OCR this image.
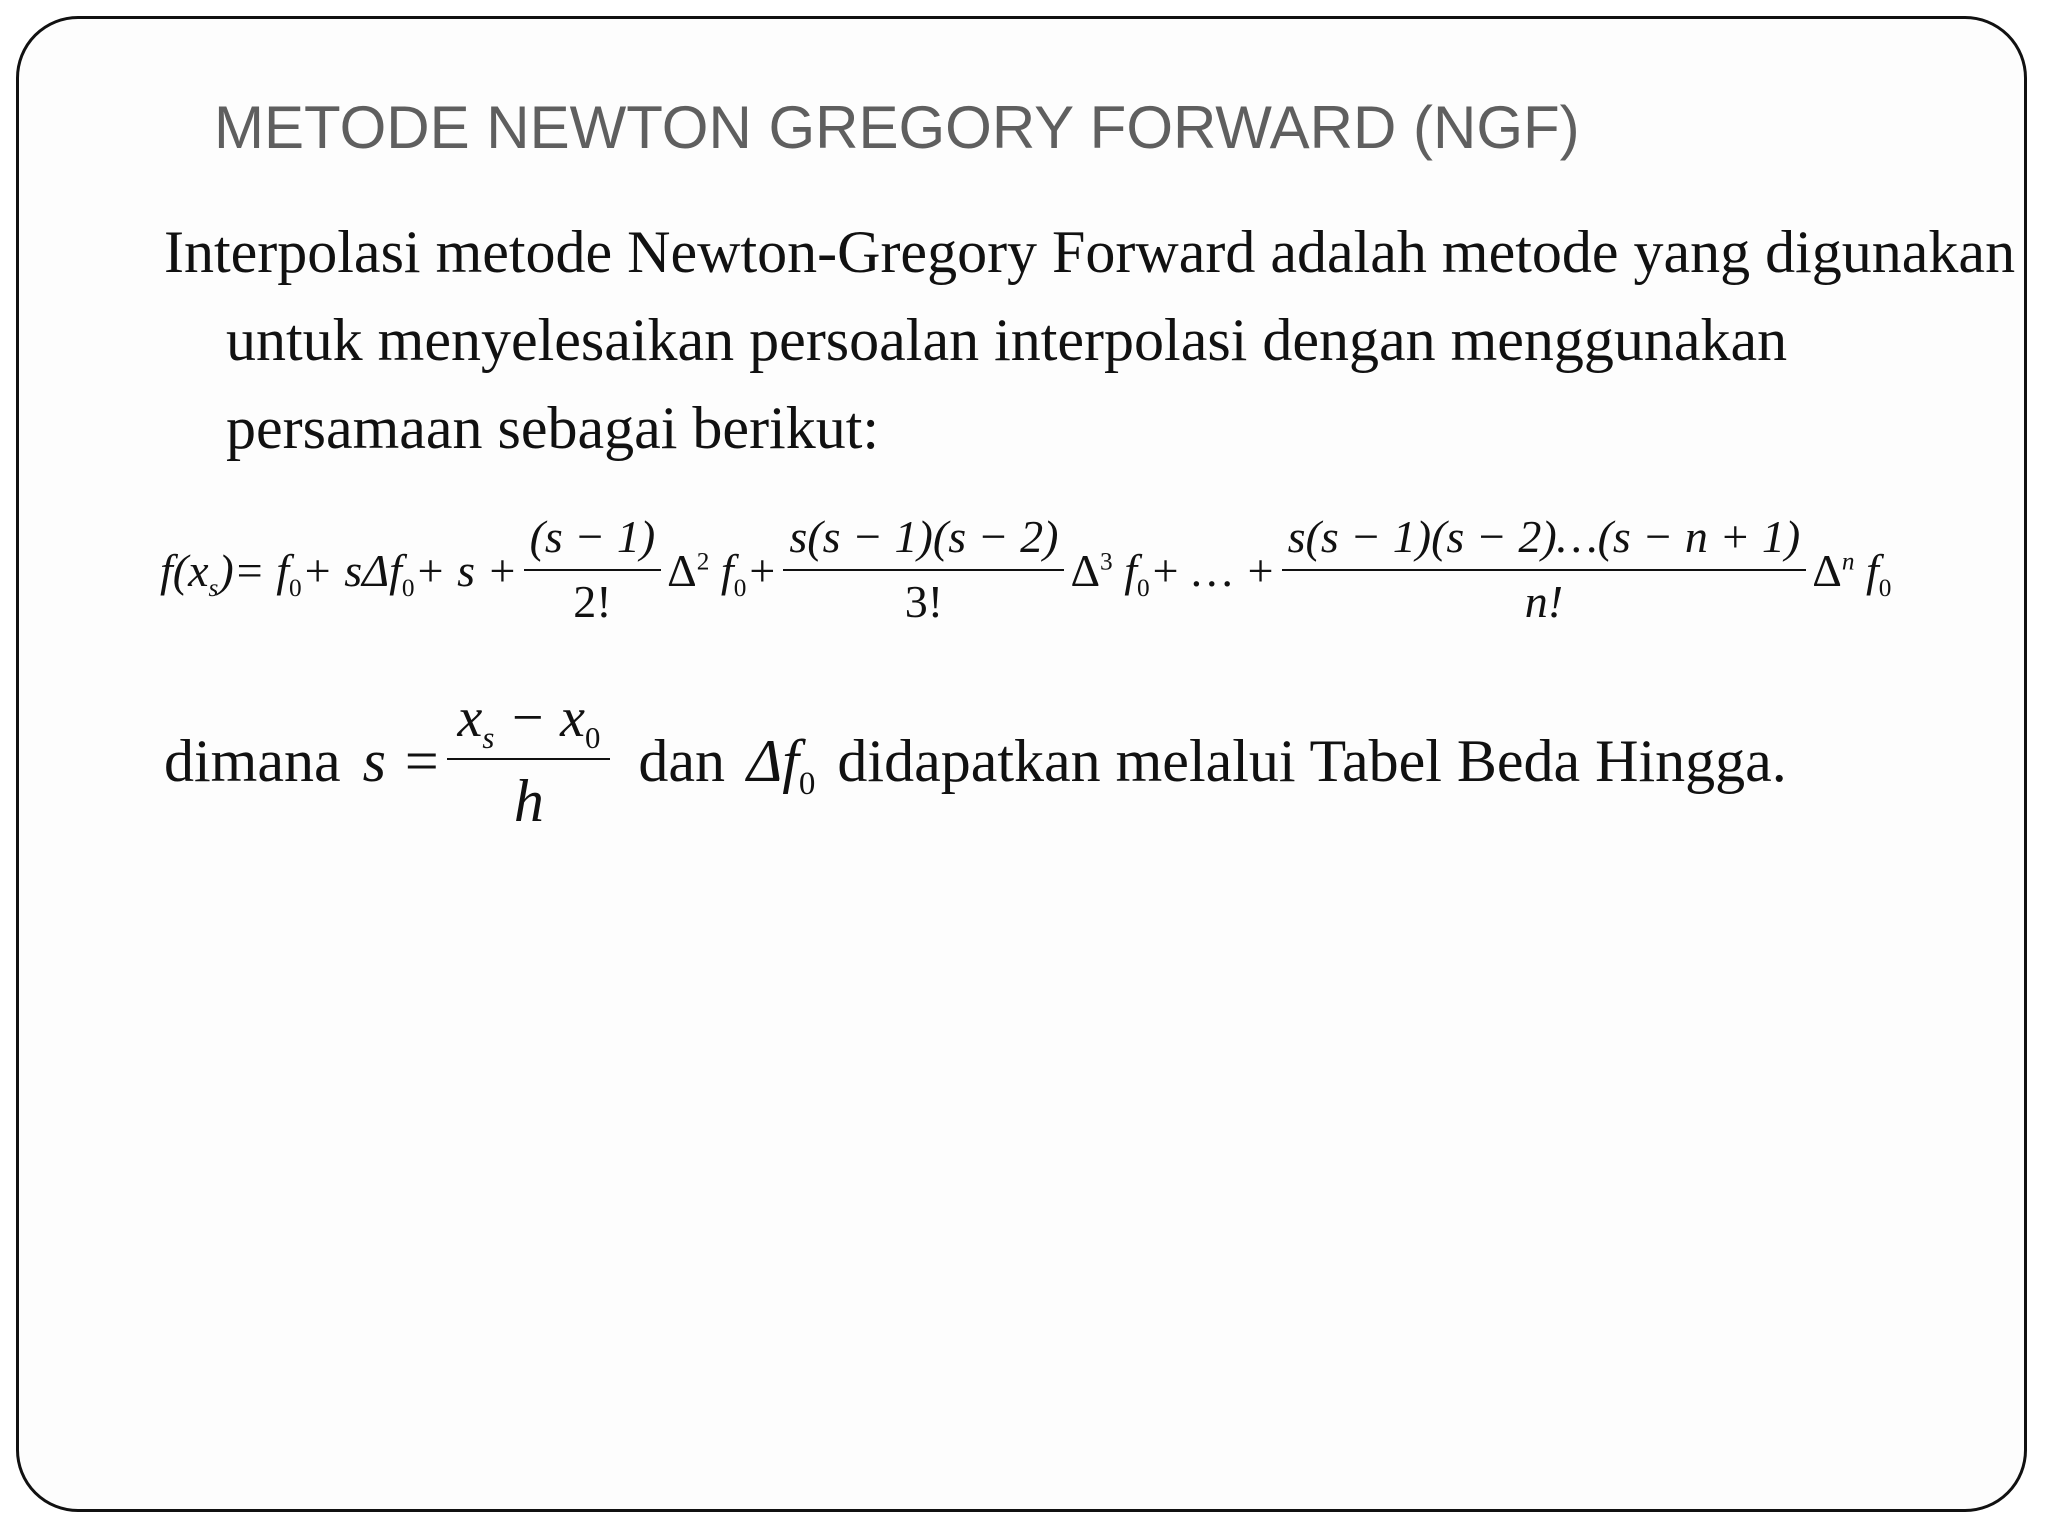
METODE NEWTON GREGORY FORWARD (NGF)

Interpolasi metode Newton-Gregory Forward adalah metode yang digunakan untuk menyelesaikan persoalan interpolasi dengan menggunakan persamaan sebagai berikut:

$f(x_s) = f_0 + s\Delta f_0 + s + \frac{(s - 1)}{2!} \Delta^2$ $f_0 + \frac{s(s - 1)(s - 2)}{3!} \Delta^3$ $f_0$ + … + $\frac{s(s - 1)(s - 2)\dots(s - n + 1)}{n!} \Delta^n$ $f_0$
dimana $s = \frac{x_s - x_0}{h}$ dan $\Delta f_0$ didapatkan melalui Tabel Beda Hingga.
